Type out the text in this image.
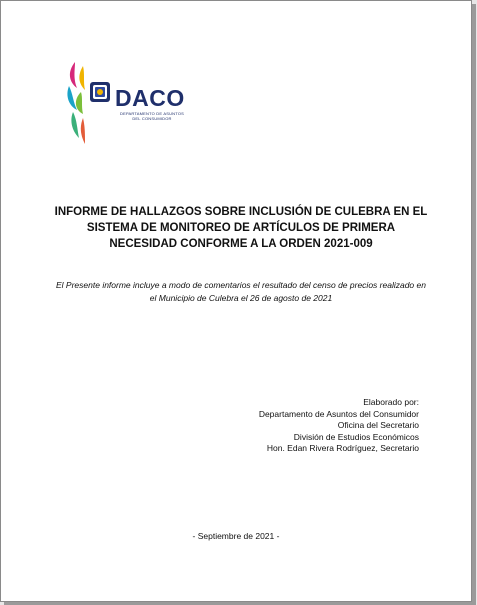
DACO
DEPARTAMENTO DE ASUNTOS
DEL CONSUMIDOR
INFORME DE HALLAZGOS SOBRE INCLUSIÓN DE CULEBRA EN EL
SISTEMA DE MONITOREO DE ARTÍCULOS DE PRIMERA
NECESIDAD CONFORME A LA ORDEN 2021-009
El Presente informe incluye a modo de comentarios el resultado del censo de precios realizado en
el Municipio de Culebra el 26 de agosto de 2021
Elaborado por:
Departamento de Asuntos del Consumidor
Oficina del Secretario
División de Estudios Económicos
Hon. Edan Rivera Rodríguez, Secretario
- Septiembre de 2021 -
